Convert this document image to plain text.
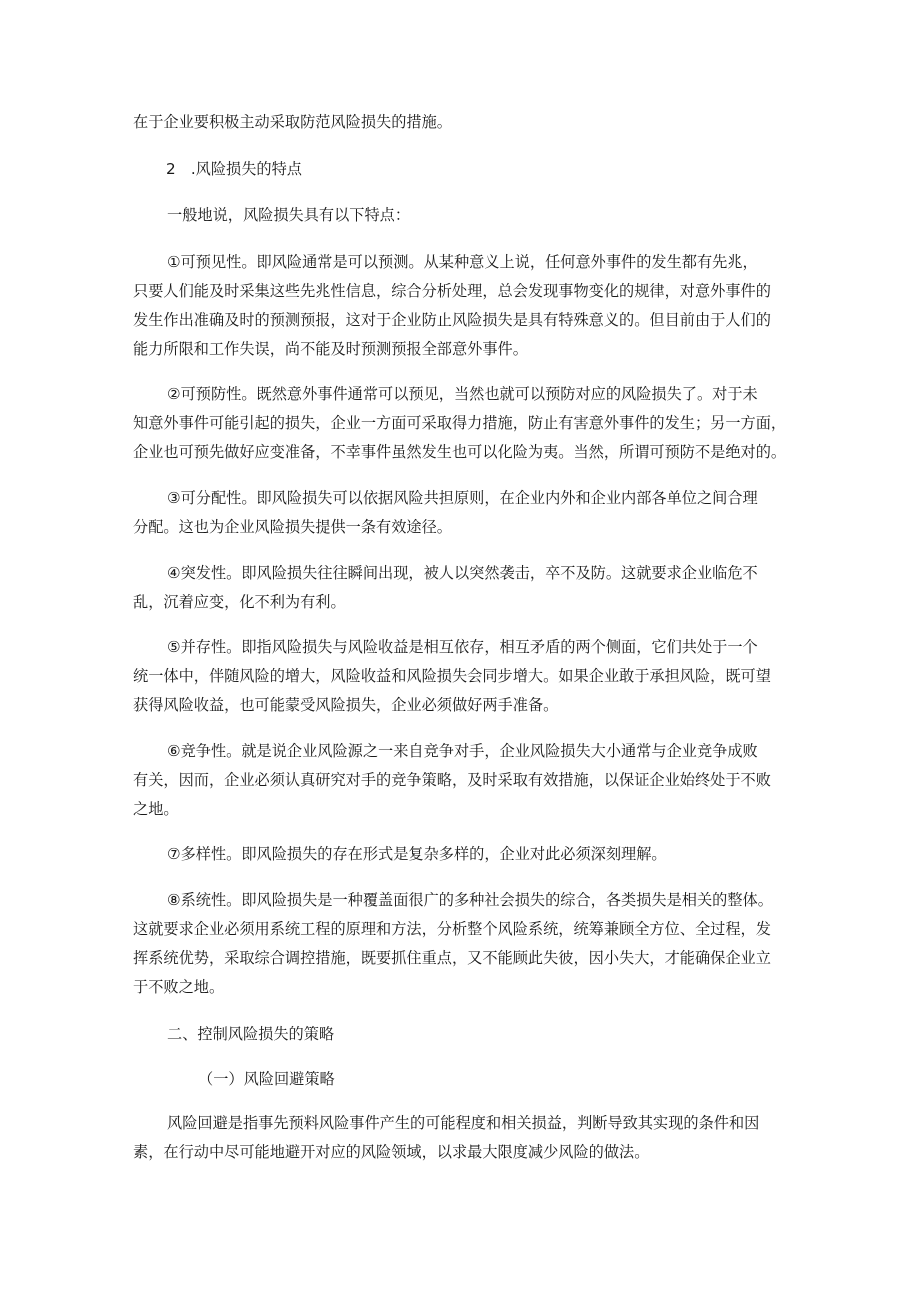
在于企业要积极主动采取防范风险损失的措施。
2　.风险损失的特点
一般地说，风险损失具有以下特点：
①可预见性。即风险通常是可以预测。从某种意义上说，任何意外事件的发生都有先兆，
只要人们能及时采集这些先兆性信息，综合分析处理，总会发现事物变化的规律，对意外事件的
发生作出准确及时的预测预报，这对于企业防止风险损失是具有特殊意义的。但目前由于人们的
能力所限和工作失误，尚不能及时预测预报全部意外事件。
②可预防性。既然意外事件通常可以预见，当然也就可以预防对应的风险损失了。对于未
知意外事件可能引起的损失，企业一方面可采取得力措施，防止有害意外事件的发生；另一方面，
企业也可预先做好应变准备，不幸事件虽然发生也可以化险为夷。当然，所谓可预防不是绝对的。
③可分配性。即风险损失可以依据风险共担原则，在企业内外和企业内部各单位之间合理
分配。这也为企业风险损失提供一条有效途径。
④突发性。即风险损失往往瞬间出现，被人以突然袭击，卒不及防。这就要求企业临危不
乱，沉着应变，化不利为有利。
⑤并存性。即指风险损失与风险收益是相互依存，相互矛盾的两个侧面，它们共处于一个
统一体中，伴随风险的增大，风险收益和风险损失会同步增大。如果企业敢于承担风险，既可望
获得风险收益，也可能蒙受风险损失，企业必须做好两手准备。
⑥竞争性。就是说企业风险源之一来自竞争对手，企业风险损失大小通常与企业竞争成败
有关，因而，企业必须认真研究对手的竞争策略，及时采取有效措施，以保证企业始终处于不败
之地。
⑦多样性。即风险损失的存在形式是复杂多样的，企业对此必须深刻理解。
⑧系统性。即风险损失是一种覆盖面很广的多种社会损失的综合，各类损失是相关的整体。
这就要求企业必须用系统工程的原理和方法，分析整个风险系统，统筹兼顾全方位、全过程，发
挥系统优势，采取综合调控措施，既要抓住重点，又不能顾此失彼，因小失大，才能确保企业立
于不败之地。
二、控制风险损失的策略
（一）风险回避策略
风险回避是指事先预料风险事件产生的可能程度和相关损益，判断导致其实现的条件和因
素，在行动中尽可能地避开对应的风险领域，以求最大限度减少风险的做法。
